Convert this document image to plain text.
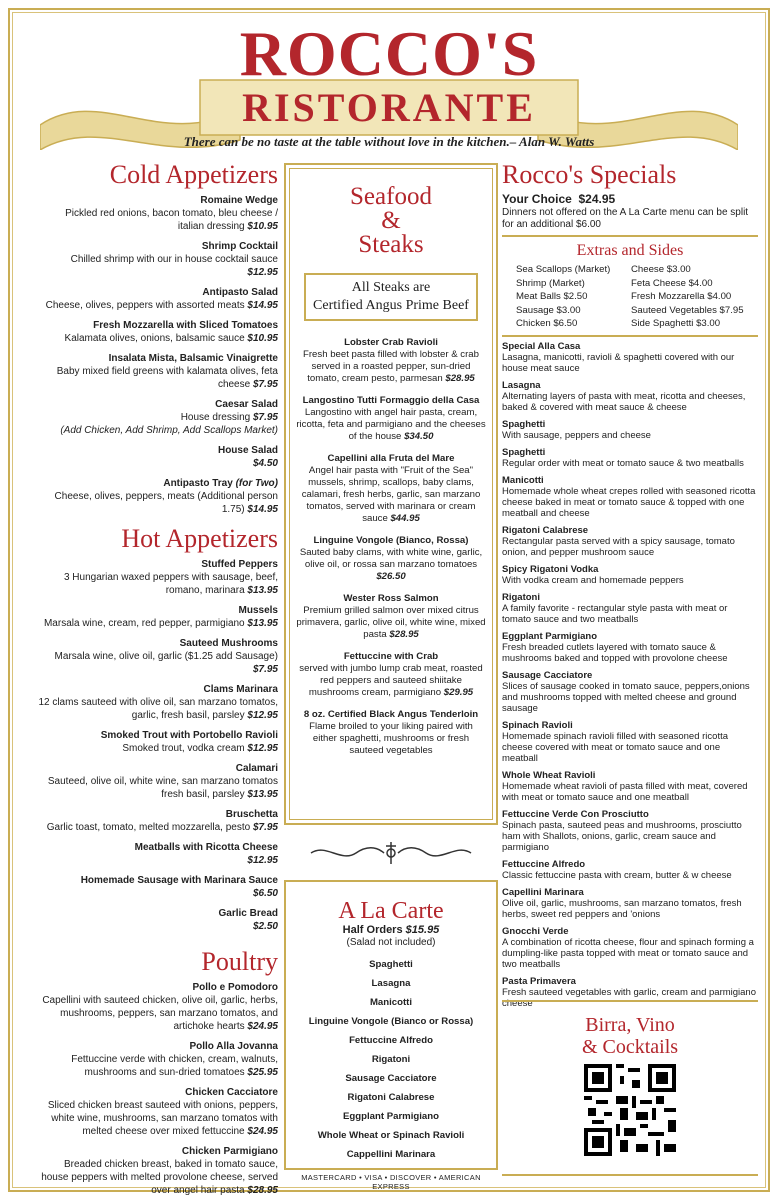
ROCCO'S
RISTORANTE
There can be no taste at the table without love in the kitchen.– Alan W. Watts
Cold Appetizers
Romaine Wedge
Pickled red onions, bacon tomato, bleu cheese / italian dressing $10.95
Shrimp Cocktail
Chilled shrimp with our in house cocktail sauce $12.95
Antipasto Salad
Cheese, olives, peppers with assorted meats $14.95
Fresh Mozzarella with Sliced Tomatoes
Kalamata olives, onions, balsamic sauce $10.95
Insalata Mista, Balsamic Vinaigrette
Baby mixed field greens with kalamata olives, feta cheese $7.95
Caesar Salad
House dressing $7.95
(Add Chicken, Add Shrimp, Add Scallops Market)
House Salad
$4.50
Antipasto Tray (for Two)
Cheese, olives, peppers, meats (Additional person 1.75) $14.95
Hot Appetizers
Stuffed Peppers
3 Hungarian waxed peppers with sausage, beef, romano, marinara $13.95
Mussels
Marsala wine, cream, red pepper, parmigiano $13.95
Sauteed Mushrooms
Marsala wine, olive oil, garlic ($1.25 add Sausage) $7.95
Clams Marinara
12 clams sauteed with olive oil, san marzano tomatos, garlic, fresh basil, parsley $12.95
Smoked Trout with Portobello Ravioli
Smoked trout, vodka cream $12.95
Calamari
Sauteed, olive oil, white wine, san marzano tomatos fresh basil, parsley $13.95
Bruschetta
Garlic toast, tomato, melted mozzarella, pesto $7.95
Meatballs with Ricotta Cheese
$12.95
Homemade Sausage with Marinara Sauce
$6.50
Garlic Bread
$2.50
Poultry
Pollo e Pomodoro
Capellini with sauteed chicken, olive oil, garlic, herbs, mushrooms, peppers, san marzano tomatos, and artichoke hearts $24.95
Pollo Alla Jovanna
Fettuccine verde with chicken, cream, walnuts, mushrooms and sun-dried tomatoes $25.95
Chicken Cacciatore
Sliced chicken breast sauteed with onions, peppers, white wine, mushrooms, san marzano tomatos with melted cheese over mixed fettuccine $24.95
Chicken Parmigiano
Breaded chicken breast, baked in tomato sauce, house peppers with melted provolone cheese, served over angel hair pasta $28.95
Seafood
&
Steaks
All Steaks are
Certified Angus Prime Beef
Lobster Crab Ravioli
Fresh beet pasta filled with lobster & crab served in a roasted pepper, sun-dried tomato, cream pesto, parmesan $28.95
Langostino Tutti Formaggio della Casa
Langostino with angel hair pasta, cream, ricotta, feta and parmigiano and the cheeses of the house $34.50
Capellini alla Fruta del Mare
Angel hair pasta with "Fruit of the Sea" mussels, shrimp, scallops, baby clams, calamari, fresh herbs, garlic, san marzano tomatos, served with marinara or cream sauce $44.95
Linguine Vongole (Bianco, Rossa)
Sauted baby clams, with white wine, garlic, olive oil, or rossa san marzano tomatoes $26.50
Wester Ross Salmon
Premium grilled salmon over mixed citrus primavera, garlic, olive oil, white wine, mixed pasta $28.95
Fettuccine with Crab
served with jumbo lump crab meat, roasted red peppers and sauteed shiitake mushrooms cream, parmigiano $29.95
8 oz. Certified Black Angus Tenderloin
Flame broiled to your liking paired with either spaghetti, mushrooms or fresh sauteed vegetables
A La Carte
Half Orders $15.95
(Salad not included)
Spaghetti
Lasagna
Manicotti
Linguine Vongole (Bianco or Rossa)
Fettuccine Alfredo
Rigatoni
Sausage Cacciatore
Rigatoni Calabrese
Eggplant Parmigiano
Whole Wheat or Spinach Ravioli
Cappellini Marinara
MASTERCARD • VISA • DISCOVER • AMERICAN EXPRESS
Rocco's Specials
Your Choice $24.95
Dinners not offered on the A La Carte menu can be split for an additional $6.00
Extras and Sides
Sea Scallops (Market)	Cheese $3.00
Shrimp (Market)	Feta Cheese $4.00
Meat Balls $2.50	Fresh Mozzarella $4.00
Sausage $3.00	Sauteed Vegetables $7.95
Chicken $6.50	Side Spaghetti $3.00
Special Alla Casa
Lasagna, manicotti, ravioli & spaghetti covered with our house meat sauce
Lasagna
Alternating layers of pasta with meat, ricotta and cheeses, baked & covered with meat sauce & cheese
Spaghetti
With sausage, peppers and cheese
Spaghetti
Regular order with meat or tomato sauce & two meatballs
Manicotti
Homemade whole wheat crepes rolled with seasoned ricotta cheese baked in meat or tomato sauce & topped with one meatball and cheese
Rigatoni Calabrese
Rectangular pasta served with a spicy sausage, tomato onion, and pepper mushroom sauce
Spicy Rigatoni Vodka
With vodka cream and homemade peppers
Rigatoni
A family favorite - rectangular style pasta with meat or tomato sauce and two meatballs
Eggplant Parmigiano
Fresh breaded cutlets layered with tomato sauce & mushrooms baked and topped with provolone cheese
Sausage Cacciatore
Slices of sausage cooked in tomato sauce, peppers,onions and mushrooms topped with melted cheese and ground sausage
Spinach Ravioli
Homemade spinach ravioli filled with seasoned ricotta cheese covered with meat or tomato sauce and one meatball
Whole Wheat Ravioli
Homemade wheat ravioli of pasta filled with meat, covered with meat or tomato sauce and one meatball
Fettuccine Verde Con Prosciutto
Spinach pasta, sauteed peas and mushrooms, prosciutto ham with Shallots, onions, garlic, cream sauce and parmigiano
Fettuccine Alfredo
Classic fettuccine pasta with cream, butter & w cheese
Capellini Marinara
Olive oil, garlic, mushrooms, san marzano tomatos, fresh herbs, sweet red peppers and 'onions
Gnocchi Verde
A combination of ricotta cheese, flour and spinach forming a dumpling-like pasta topped with meat or tomato sauce and two meatballs
Pasta Primavera
Fresh sauteed vegetables with garlic, cream and parmigiano cheese
Birra, Vino
& Cocktails
